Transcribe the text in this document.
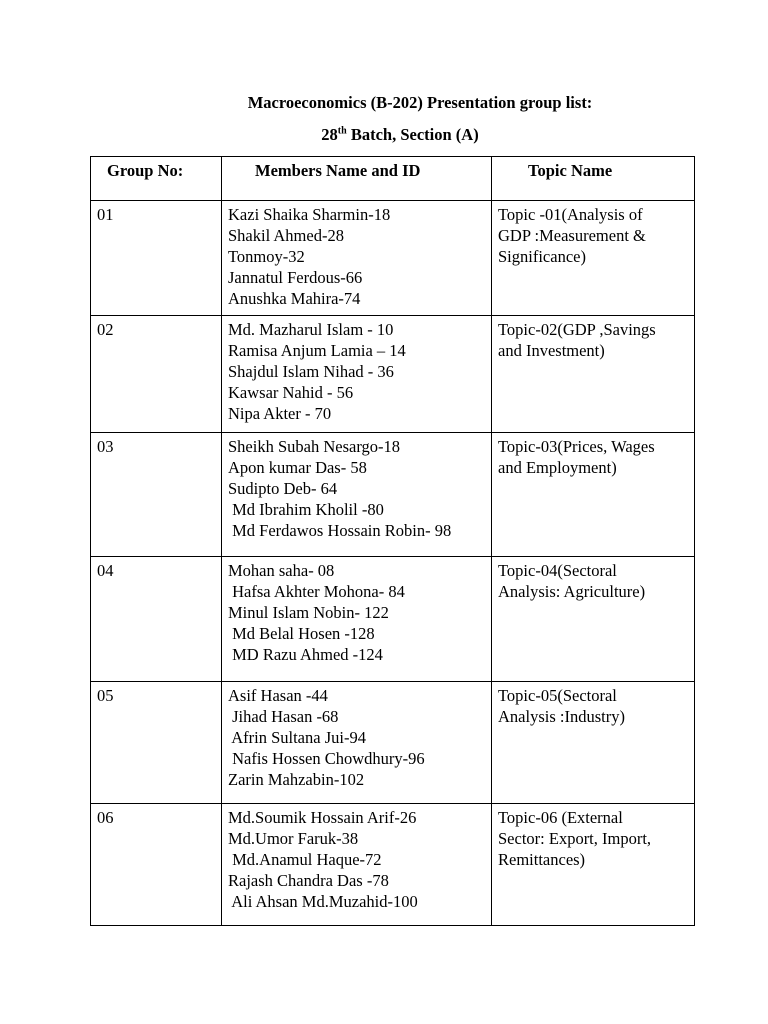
Macroeconomics (B-202) Presentation group list:
28th Batch, Section (A)
Group No:	Members Name and ID	Topic Name

01	Kazi Shaika Sharmin-18
Shakil Ahmed-28
Tonmoy-32
Jannatul Ferdous-66
Anushka Mahira-74	Topic -01(Analysis of
GDP :Measurement &
Significance)

02	Md. Mazharul Islam - 10
Ramisa Anjum Lamia – 14
Shajdul Islam Nihad - 36
Kawsar Nahid - 56
Nipa Akter - 70	Topic-02(GDP ,Savings
and Investment)

03	Sheikh Subah Nesargo-18
Apon kumar Das- 58
Sudipto Deb- 64
Md Ibrahim Kholil -80
Md Ferdawos Hossain Robin- 98	Topic-03(Prices, Wages
and Employment)

04	Mohan saha- 08
Hafsa Akhter Mohona- 84
Minul Islam Nobin- 122
Md Belal Hosen -128
MD Razu Ahmed -124	Topic-04(Sectoral
Analysis: Agriculture)

05	Asif Hasan -44
Jihad Hasan -68
Afrin Sultana Jui-94
Nafis Hossen Chowdhury-96
Zarin Mahzabin-102	Topic-05(Sectoral
Analysis :Industry)

06	Md.Soumik Hossain Arif-26
Md.Umor Faruk-38
Md.Anamul Haque-72
Rajash Chandra Das -78
Ali Ahsan Md.Muzahid-100	Topic-06 (External
Sector: Export, Import,
Remittances)
